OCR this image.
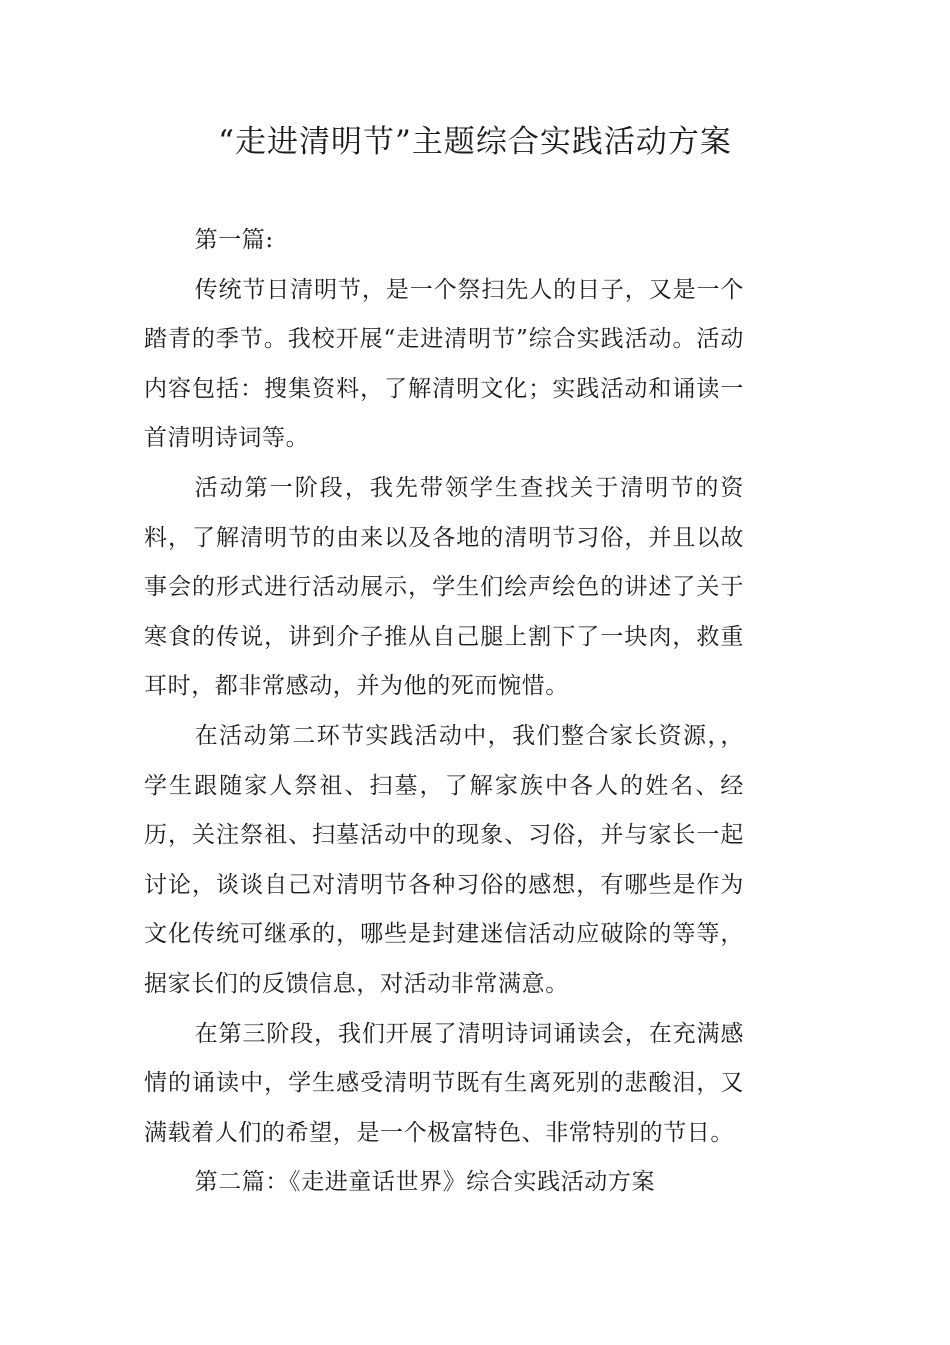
“走进清明节”主题综合实践活动方案

第一篇:

传统节日清明节，是一个祭扫先人的日子，又是一个踏青的季节。我校开展“走进清明节”综合实践活动。活动内容包括：搜集资料，了解清明文化；实践活动和诵读一首清明诗词等。

活动第一阶段，我先带领学生查找关于清明节的资料，了解清明节的由来以及各地的清明节习俗，并且以故事会的形式进行活动展示，学生们绘声绘色的讲述了关于寒食的传说，讲到介子推从自己腿上割下了一块肉，救重耳时，都非常感动，并为他的死而惋惜。

在活动第二环节实践活动中，我们整合家长资源，，学生跟随家人祭祖、扫墓，了解家族中各人的姓名、经历，关注祭祖、扫墓活动中的现象、习俗，并与家长一起讨论，谈谈自己对清明节各种习俗的感想，有哪些是作为文化传统可继承的，哪些是封建迷信活动应破除的等等，据家长们的反馈信息，对活动非常满意。

在第三阶段，我们开展了清明诗词诵读会，在充满感情的诵读中，学生感受清明节既有生离死别的悲酸泪，又满载着人们的希望，是一个极富特色、非常特别的节日。

第二篇：《走进童话世界》综合实践活动方案
